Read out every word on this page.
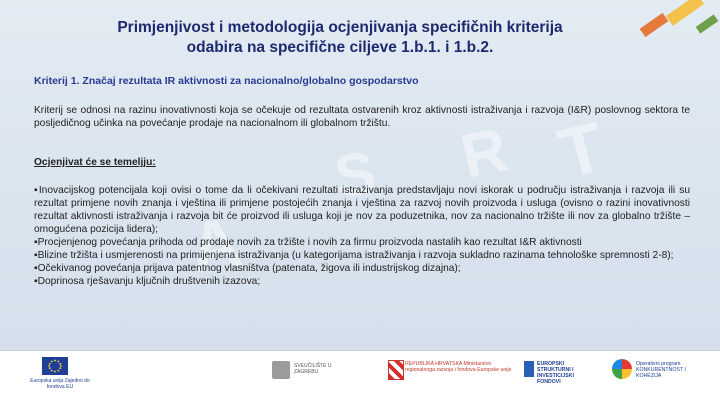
A
S R T
Primjenjivost i metodologija ocjenjivanja specifičnih kriterija
odabira na specifične ciljeve 1.b.1. i 1.b.2.
Kriterij 1. Značaj rezultata IR aktivnosti za nacionalno/globalno gospodarstvo
Kriterij se odnosi na razinu inovativnosti koja se očekuje od rezultata ostvarenih kroz aktivnosti istraživanja i razvoja (I&R) poslovnog sektora te posljedičnog učinka na povećanje prodaje na nacionalnom ili globalnom tržištu.
Ocjenjivat će se temeljju:
▪Inovacijskog potencijala koji ovisi o tome da li očekivani rezultati istraživanja predstavljaju novi iskorak u području istraživanja i razvoja ili su rezultat primjene novih znanja i vještina ili primjene postojećih znanja i vještina za razvoj novih proizvoda i usluga (ovisno o razini inovativnosti rezultat aktivnosti istraživanja i razvoja bit će proizvod ili usluga koji je nov za poduzetnika, nov za nacionalno tržište ili nov za globalno tržište – omogućena pozicija lidera);
▪Procjenjenog povećanja prihoda od prodaje novih za tržište i novih za firmu proizvoda nastalih kao rezultat I&R aktivnosti
▪Blizine tržišta i usmjerenosti na primijenjena istraživanja (u kategorijama istraživanja i razvoja sukladno razinama tehnološke spremnosti 2-8);
▪Očekivanog povećanja prijava patentnog vlasništva (patenata, žigova ili industrijskog dizajna);
▪Doprinosa rješavanju ključnih društvenih izazova;
Europska unija Zajedno do fondova EU
SVEUČILIŠTE U ZAGREBU
REPUBLIKA HRVATSKA Ministarstvo regionalnoga razvoja i fondova Europske unije
EUROPSKI STRUKTURNI I INVESTICIJSKI FONDOVI
Operativni program KONKURENTNOST I KOHEZIJA
